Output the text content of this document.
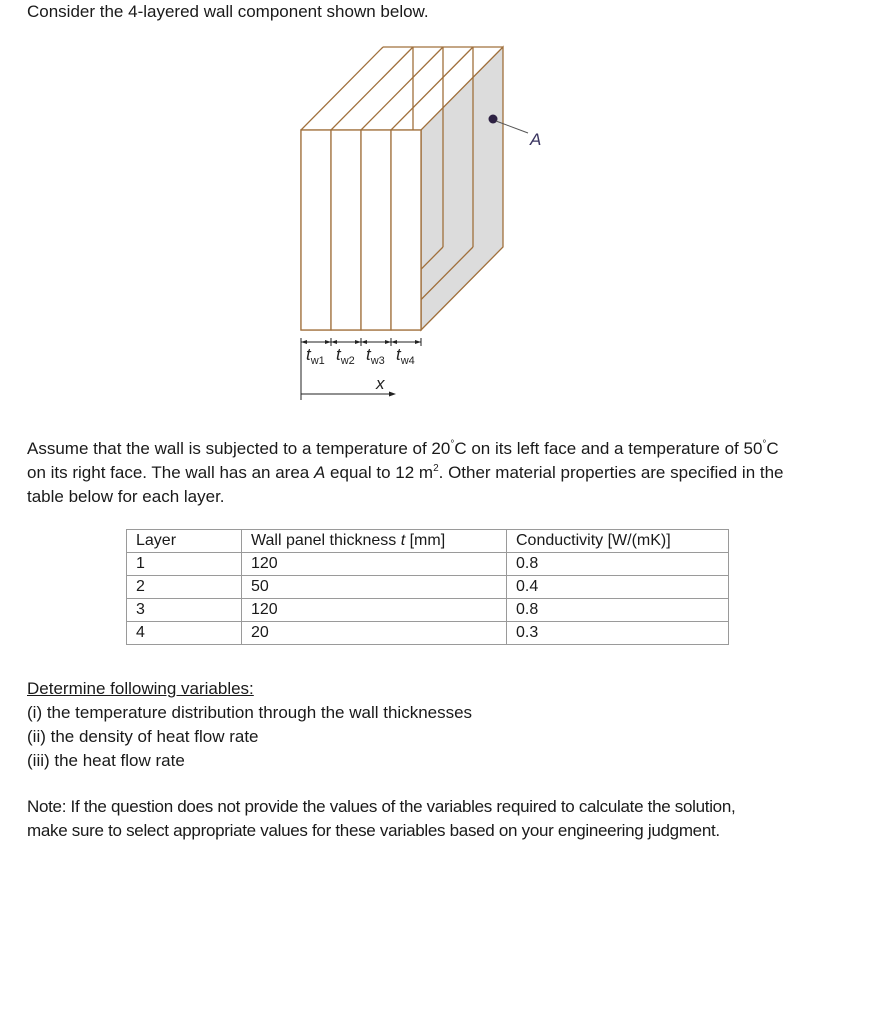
Consider the 4-layered wall component shown below.
A
$t_{w1}$ $t_{w2}$ $t_{w3}$ $t_{w4}$
x
Assume that the wall is subjected to a temperature of 20°C on its left face and a temperature of 50°C
on its right face. The wall has an area A equal to 12 $m^2$. Other material properties are specified in the
table below for each layer.
Layer	Wall panel thickness t [mm]	Conductivity [W/(mK)]
1	120	0.8
2	50	0.4
3	120	0.8
4	20	0.3
Determine following variables:
(i) the temperature distribution through the wall thicknesses
(ii) the density of heat flow rate
(iii) the heat flow rate
Note: If the question does not provide the values of the variables required to calculate the solution,
make sure to select appropriate values for these variables based on your engineering judgment.
